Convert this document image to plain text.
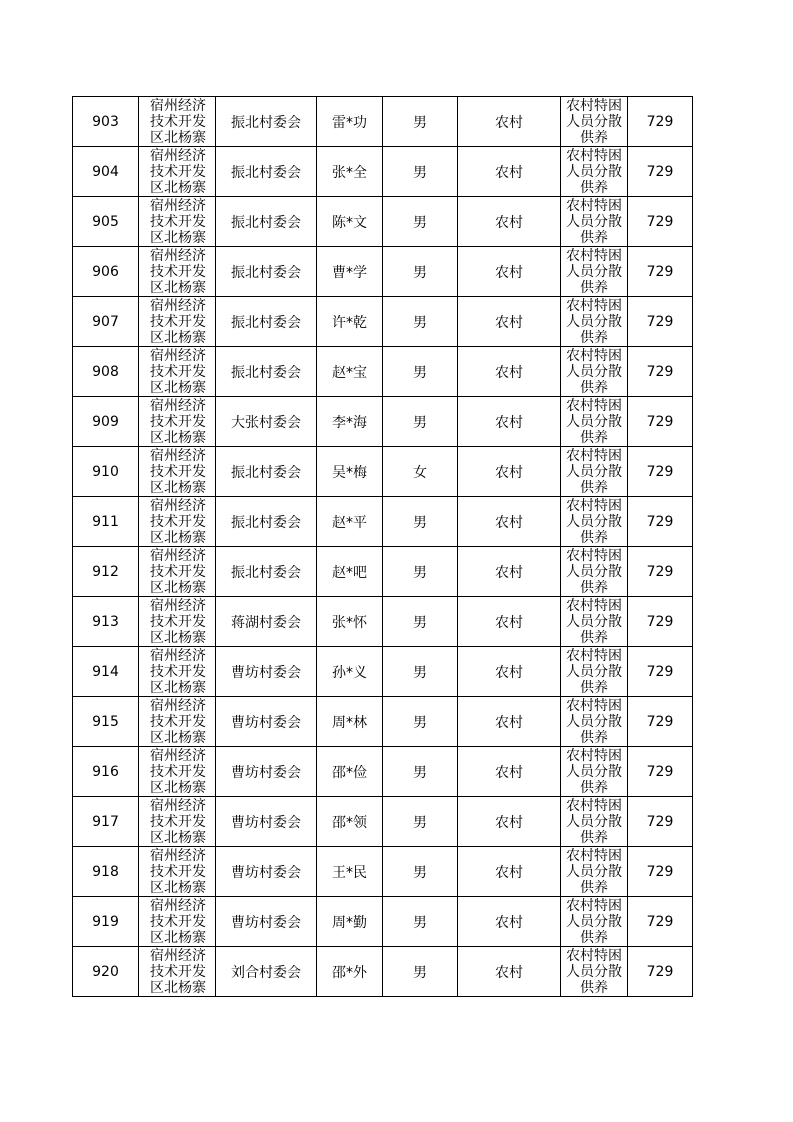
903	宿州经济技术开发区北杨寨	振北村委会	雷*功	男	农村	农村特困人员分散供养	729
904	宿州经济技术开发区北杨寨	振北村委会	张*全	男	农村	农村特困人员分散供养	729
905	宿州经济技术开发区北杨寨	振北村委会	陈*文	男	农村	农村特困人员分散供养	729
906	宿州经济技术开发区北杨寨	振北村委会	曹*学	男	农村	农村特困人员分散供养	729
907	宿州经济技术开发区北杨寨	振北村委会	许*乾	男	农村	农村特困人员分散供养	729
908	宿州经济技术开发区北杨寨	振北村委会	赵*宝	男	农村	农村特困人员分散供养	729
909	宿州经济技术开发区北杨寨	大张村委会	李*海	男	农村	农村特困人员分散供养	729
910	宿州经济技术开发区北杨寨	振北村委会	吴*梅	女	农村	农村特困人员分散供养	729
911	宿州经济技术开发区北杨寨	振北村委会	赵*平	男	农村	农村特困人员分散供养	729
912	宿州经济技术开发区北杨寨	振北村委会	赵*吧	男	农村	农村特困人员分散供养	729
913	宿州经济技术开发区北杨寨	蒋湖村委会	张*怀	男	农村	农村特困人员分散供养	729
914	宿州经济技术开发区北杨寨	曹坊村委会	孙*义	男	农村	农村特困人员分散供养	729
915	宿州经济技术开发区北杨寨	曹坊村委会	周*林	男	农村	农村特困人员分散供养	729
916	宿州经济技术开发区北杨寨	曹坊村委会	邵*俭	男	农村	农村特困人员分散供养	729
917	宿州经济技术开发区北杨寨	曹坊村委会	邵*领	男	农村	农村特困人员分散供养	729
918	宿州经济技术开发区北杨寨	曹坊村委会	王*民	男	农村	农村特困人员分散供养	729
919	宿州经济技术开发区北杨寨	曹坊村委会	周*勤	男	农村	农村特困人员分散供养	729
920	宿州经济技术开发区北杨寨	刘合村委会	邵*外	男	农村	农村特困人员分散供养	729
